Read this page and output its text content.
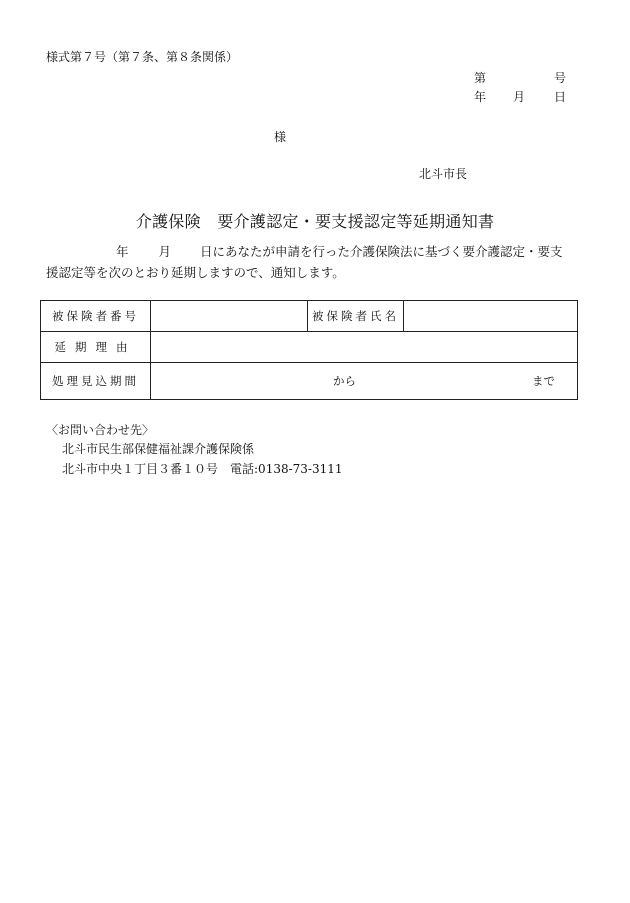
様式第７号（第７条、第８条関係）
第	号
年 月 日
様
北斗市長
介護保険　要介護認定・要支援認定等延期通知書
年 月 日にあなたが申請を行った介護保険法に基づく要介護認定・要支
援認定等を次のとおり延期しますので、通知します。
被保険者番号		被保険者氏名	
延期理由			
処理見込期間	から まで		
〈お問い合わせ先〉
北斗市民生部保健福祉課介護保険係
北斗市中央１丁目３番１０号 電話:0138-73-3111
